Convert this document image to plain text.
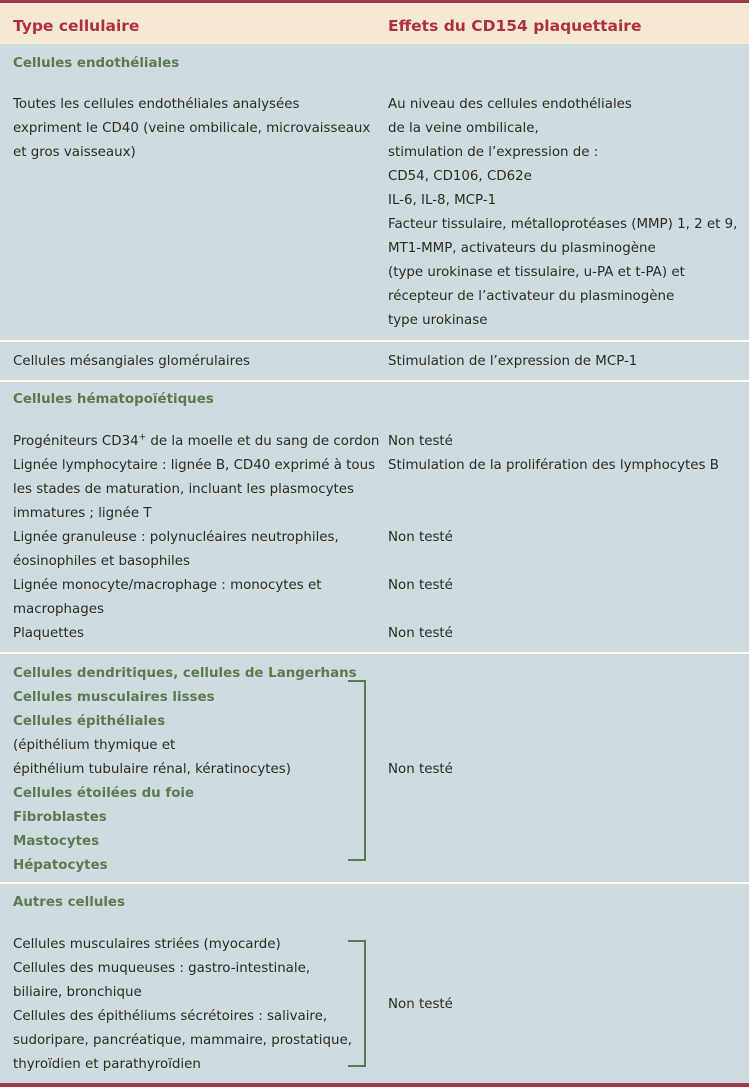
Type cellulaire	Effets du CD154 plaquettaire
Cellules endothéliales
Toutes les cellules endothéliales analysées
expriment le CD40 (veine ombilicale, microvaisseaux
et gros vaisseaux)
Au niveau des cellules endothéliales
de la veine ombilicale,
stimulation de l’expression de :
CD54, CD106, CD62e
IL-6, IL-8, MCP-1
Facteur tissulaire, métalloprotéases (MMP) 1, 2 et 9,
MT1-MMP, activateurs du plasminogène
(type urokinase et tissulaire, u-PA et t-PA) et
récepteur de l’activateur du plasminogène
type urokinase
Cellules mésangiales glomérulaires	Stimulation de l’expression de MCP-1
Cellules hématopoïétiques
Progéniteurs CD34+ de la moelle et du sang de cordon
Lignée lymphocytaire : lignée B, CD40 exprimé à tous
les stades de maturation, incluant les plasmocytes
immatures ; lignée T
Lignée granuleuse : polynucléaires neutrophiles,
éosinophiles et basophiles
Lignée monocyte/macrophage : monocytes et
macrophages
Plaquettes
Non testé
Stimulation de la prolifération des lymphocytes B
Non testé
Non testé
Non testé
Cellules dendritiques, cellules de Langerhans
Cellules musculaires lisses
Cellules épithéliales
(épithélium thymique et
épithélium tubulaire rénal, kératinocytes)
Cellules étoilées du foie
Fibroblastes
Mastocytes
Hépatocytes
Non testé
Autres cellules
Cellules musculaires striées (myocarde)
Cellules des muqueuses : gastro-intestinale,
biliaire, bronchique
Cellules des épithéliums sécrétoires : salivaire,
sudoripare, pancréatique, mammaire, prostatique,
thyroïdien et parathyroïdien
Non testé
